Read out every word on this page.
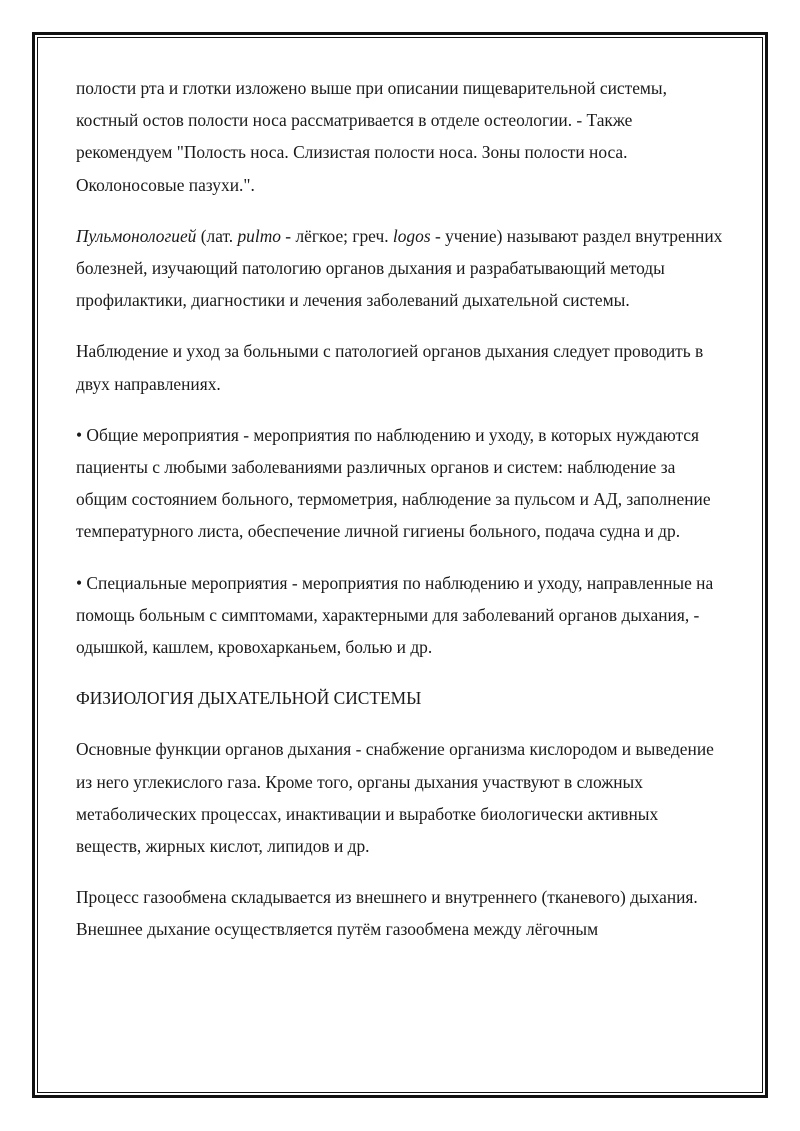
полости рта и глотки изложено выше при описании пищеварительной системы, костный остов полости носа рассматривается в отделе остеологии. - Также рекомендуем "Полость носа. Слизистая полости носа. Зоны полости носа. Околоносовые пазухи.".

Пульмонологией (лат. pulmo - лёгкое; греч. logos - учение) называют раздел внутренних болезней, изучающий патологию органов дыхания и разрабатывающий методы профилактики, диагностики и лечения заболеваний дыхательной системы.

Наблюдение и уход за больными с патологией органов дыхания следует проводить в двух направлениях.

• Общие мероприятия - мероприятия по наблюдению и уходу, в которых нуждаются пациенты с любыми заболеваниями различных органов и систем: наблюдение за общим состоянием больного, термометрия, наблюдение за пульсом и АД, заполнение температурного листа, обеспечение личной гигиены больного, подача судна и др.

• Специальные мероприятия - мероприятия по наблюдению и уходу, направленные на помощь больным с симптомами, характерными для заболеваний органов дыхания, - одышкой, кашлем, кровохарканьем, болью и др.

ФИЗИОЛОГИЯ ДЫХАТЕЛЬНОЙ СИСТЕМЫ

Основные функции органов дыхания - снабжение организма кислородом и выведение из него углекислого газа. Кроме того, органы дыхания участвуют в сложных метаболических процессах, инактивации и выработке биологически активных веществ, жирных кислот, липидов и др.

Процесс газообмена складывается из внешнего и внутреннего (тканевого) дыхания. Внешнее дыхание осуществляется путём газообмена между лёгочным
